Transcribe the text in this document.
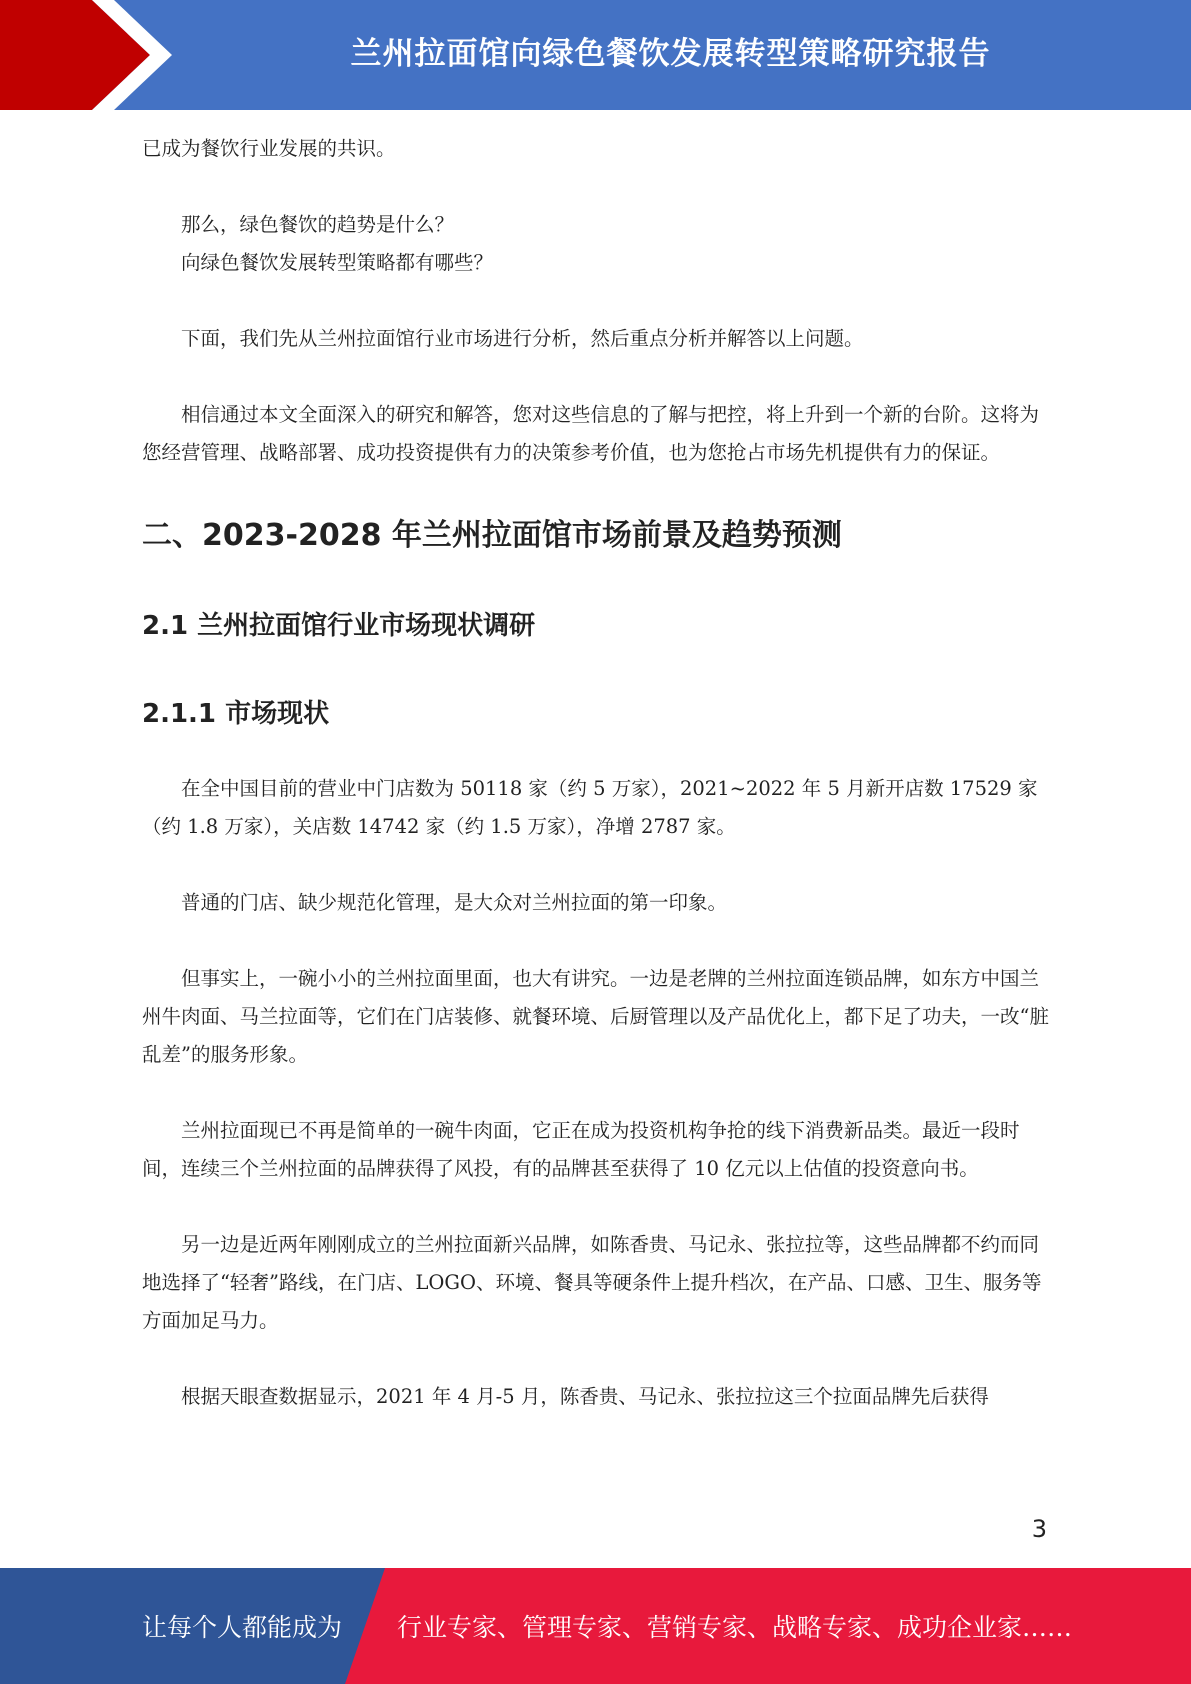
兰州拉面馆向绿色餐饮发展转型策略研究报告

已成为餐饮行业发展的共识。

那么，绿色餐饮的趋势是什么？

向绿色餐饮发展转型策略都有哪些？

下面，我们先从兰州拉面馆行业市场进行分析，然后重点分析并解答以上问题。

相信通过本文全面深入的研究和解答，您对这些信息的了解与把控，将上升到一个新的台阶。这将为您经营管理、战略部署、成功投资提供有力的决策参考价值，也为您抢占市场先机提供有力的保证。

二、2023-2028 年兰州拉面馆市场前景及趋势预测
2.1 兰州拉面馆行业市场现状调研
2.1.1 市场现状

在全中国目前的营业中门店数为 50118 家（约 5 万家），2021~2022 年 5 月新开店数 17529 家（约 1.8 万家），关店数 14742 家（约 1.5 万家），净增 2787 家。

普通的门店、缺少规范化管理，是大众对兰州拉面的第一印象。

但事实上，一碗小小的兰州拉面里面，也大有讲究。一边是老牌的兰州拉面连锁品牌，如东方中国兰州牛肉面、马兰拉面等，它们在门店装修、就餐环境、后厨管理以及产品优化上，都下足了功夫，一改“脏乱差”的服务形象。

兰州拉面现已不再是简单的一碗牛肉面，它正在成为投资机构争抢的线下消费新品类。最近一段时间，连续三个兰州拉面的品牌获得了风投，有的品牌甚至获得了 10 亿元以上估值的投资意向书。

另一边是近两年刚刚成立的兰州拉面新兴品牌，如陈香贵、马记永、张拉拉等，这些品牌都不约而同地选择了“轻奢”路线，在门店、LOGO、环境、餐具等硬条件上提升档次，在产品、口感、卫生、服务等方面加足马力。

根据天眼查数据显示，2021 年 4 月-5 月，陈香贵、马记永、张拉拉这三个拉面品牌先后获得

3
让每个人都能成为 行业专家、管理专家、营销专家、战略专家、成功企业家……
